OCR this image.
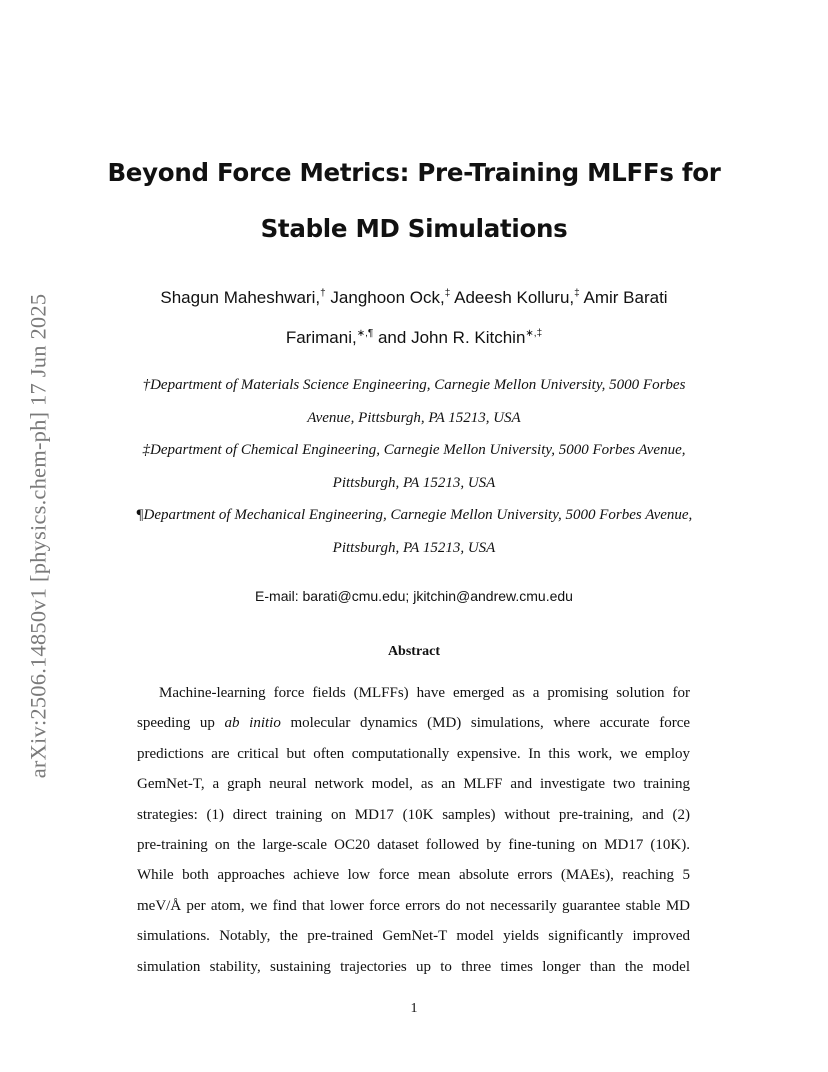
arXiv:2506.14850v1 [physics.chem-ph] 17 Jun 2025
Beyond Force Metrics: Pre-Training MLFFs for
Stable MD Simulations

Shagun Maheshwari,† Janghoon Ock,‡ Adeesh Kolluru,‡ Amir Barati

Farimani,∗,¶ and John R. Kitchin∗,‡

†Department of Materials Science Engineering, Carnegie Mellon University, 5000 Forbes

Avenue, Pittsburgh, PA 15213, USA

‡Department of Chemical Engineering, Carnegie Mellon University, 5000 Forbes Avenue,

Pittsburgh, PA 15213, USA

¶Department of Mechanical Engineering, Carnegie Mellon University, 5000 Forbes Avenue,

Pittsburgh, PA 15213, USA

E-mail: barati@cmu.edu; jkitchin@andrew.cmu.edu
Abstract
Machine-learning force fields (MLFFs) have emerged as a promising solution for
speeding up ab initio molecular dynamics (MD) simulations, where accurate force
predictions are critical but often computationally expensive. In this work, we employ
GemNet-T, a graph neural network model, as an MLFF and investigate two training
strategies: (1) direct training on MD17 (10K samples) without pre-training, and (2)
pre-training on the large-scale OC20 dataset followed by fine-tuning on MD17 (10K).
While both approaches achieve low force mean absolute errors (MAEs), reaching 5
meV/Å per atom, we find that lower force errors do not necessarily guarantee stable MD
simulations. Notably, the pre-trained GemNet-T model yields significantly improved
simulation stability, sustaining trajectories up to three times longer than the model
1
